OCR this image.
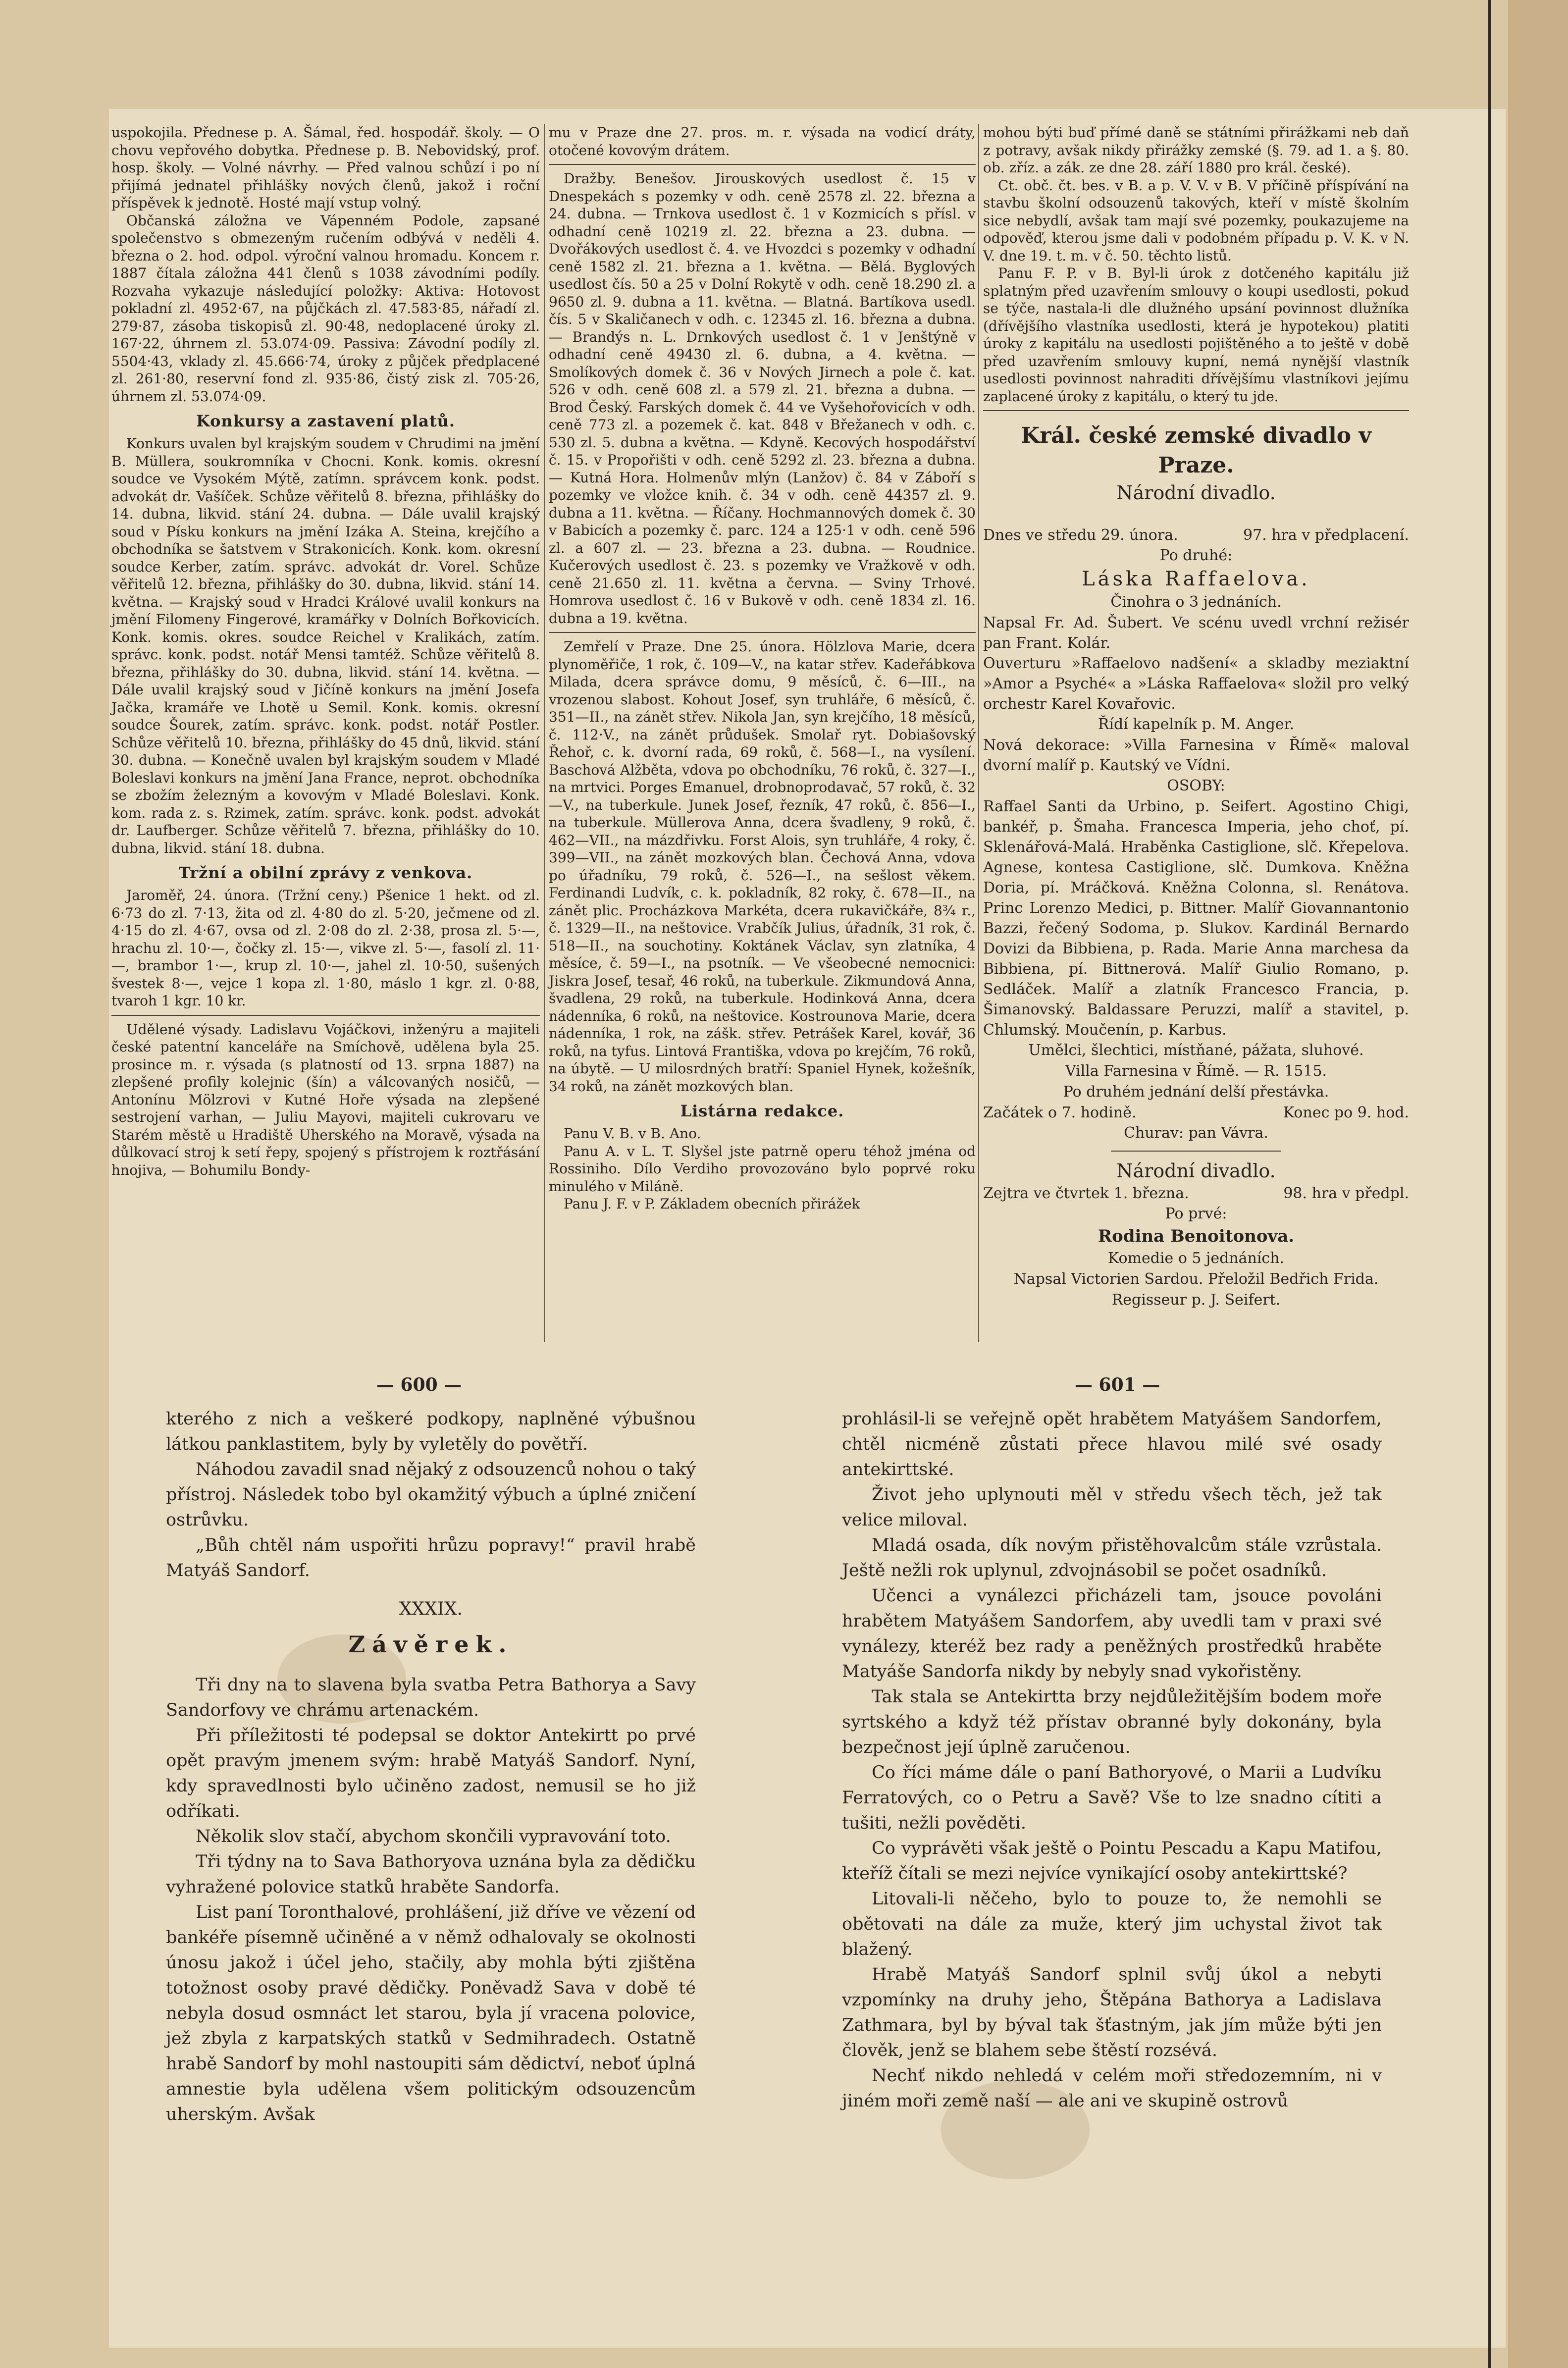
uspokojila. Přednese p. A. Šámal, řed. hospodář. školy. — O chovu vepřového dobytka. Přednese p. B. Nebovidský, prof. hosp. školy. — Volné návrhy. — Před valnou schůzí i po ní přijímá jednatel přihlášky nových členů, jakož i roční příspěvek k jednotě. Hosté mají vstup volný.

Občanská záložna ve Vápenném Podole, zapsané společenstvo s obmezeným ručením odbývá v neděli 4. března o 2. hod. odpol. výroční valnou hromadu. Koncem r. 1887 čítala záložna 441 členů s 1038 závodními podíly. Rozvaha vykazuje následující položky: Aktiva: Hotovost pokladní zl. 4952·67, na půjčkách zl. 47.583·85, nářadí zl. 279·87, zásoba tiskopisů zl. 90·48, nedoplacené úroky zl. 167·22, úhrnem zl. 53.074·09. Passiva: Závodní podíly zl. 5504·43, vklady zl. 45.666·74, úroky z půjček předplacené zl. 261·80, reservní fond zl. 935·86, čistý zisk zl. 705·26, úhrnem zl. 53.074·09.

Konkursy a zastavení platů.

Konkurs uvalen byl krajským soudem v Chrudimi na jmění B. Müllera, soukromníka v Chocni. Konk. komis. okresní soudce ve Vysokém Mýtě, zatímn. správcem konk. podst. advokát dr. Vašíček. Schůze věřitelů 8. března, přihlášky do 14. dubna, likvid. stání 24. dubna. — Dále uvalil krajský soud v Písku konkurs na jmění Izáka A. Steina, krejčího a obchodníka se šatstvem v Strakonicích. Konk. kom. okresní soudce Kerber, zatím. správc. advokát dr. Vorel. Schůze věřitelů 12. března, přihlášky do 30. dubna, likvid. stání 14. května. — Krajský soud v Hradci Králové uvalil konkurs na jmění Filomeny Fingerové, kramářky v Dolních Bořkovicích. Konk. komis. okres. soudce Reichel v Kralikách, zatím. správc. konk. podst. notář Mensi tamtéž. Schůze věřitelů 8. března, přihlášky do 30. dubna, likvid. stání 14. května. — Dále uvalil krajský soud v Jičíně konkurs na jmění Josefa Jačka, kramáře ve Lhotě u Semil. Konk. komis. okresní soudce Šourek, zatím. správc. konk. podst. notář Postler. Schůze věřitelů 10. března, přihlášky do 45 dnů, likvid. stání 30. dubna. — Konečně uvalen byl krajským soudem v Mladé Boleslavi konkurs na jmění Jana France, neprot. obchodníka se zbožím železným a kovovým v Mladé Boleslavi. Konk. kom. rada z. s. Rzimek, zatím. správc. konk. podst. advokát dr. Laufberger. Schůze věřitelů 7. března, přihlášky do 10. dubna, likvid. stání 18. dubna.

Tržní a obilní zprávy z venkova.

Jaroměř, 24. února. (Tržní ceny.) Pšenice 1 hekt. od zl. 6·73 do zl. 7·13, žita od zl. 4·80 do zl. 5·20, ječmene od zl. 4·15 do zl. 4·67, ovsa od zl. 2·08 do zl. 2·38, prosa zl. 5·—, hrachu zl. 10·—, čočky zl. 15·—, vikve zl. 5·—, fasolí zl. 11·—, brambor 1·—, krup zl. 10·—, jahel zl. 10·50, sušených švestek 8·—, vejce 1 kopa zl. 1·80, máslo 1 kgr. zl. 0·88, tvaroh 1 kgr. 10 kr.

Udělené výsady. Ladislavu Vojáčkovi, inženýru a majiteli české patentní kanceláře na Smíchově, udělena byla 25. prosince m. r. výsada (s platností od 13. srpna 1887) na zlepšené profily kolejnic (šín) a válcovaných nosičů, — Antonínu Mölzrovi v Kutné Hoře výsada na zlepšené sestrojení varhan, — Juliu Mayovi, majiteli cukrovaru ve Starém městě u Hradiště Uherského na Moravě, výsada na důlkovací stroj k setí řepy, spojený s přístrojem k roztřásání hnojiva, — Bohumilu Bondy-

mu v Praze dne 27. pros. m. r. výsada na vodicí dráty, otočené kovovým drátem.

Dražby. Benešov. Jirouskových usedlost č. 15 v Dnespekách s pozemky v odh. ceně 2578 zl. 22. března a 24. dubna. — Trnkova usedlost č. 1 v Kozmicích s přísl. v odhadní ceně 10219 zl. 22. března a 23. dubna. — Dvořákových usedlost č. 4. ve Hvozdci s pozemky v odhadní ceně 1582 zl. 21. března a 1. května. — Bělá. Byglových usedlost čís. 50 a 25 v Dolní Rokytě v odh. ceně 18.290 zl. a 9650 zl. 9. dubna a 11. května. — Blatná. Bartíkova usedl. čís. 5 v Skaličanech v odh. c. 12345 zl. 16. března a dubna. — Brandýs n. L. Drnkových usedlost č. 1 v Jenštýně v odhadní ceně 49430 zl. 6. dubna, a 4. května. — Smolíkových domek č. 36 v Nových Jirnech a pole č. kat. 526 v odh. ceně 608 zl. a 579 zl. 21. března a dubna. — Brod Český. Farských domek č. 44 ve Vyšehořovicích v odh. ceně 773 zl. a pozemek č. kat. 848 v Břežanech v odh. c. 530 zl. 5. dubna a května. — Kdyně. Kecových hospodářství č. 15. v Propořišti v odh. ceně 5292 zl. 23. března a dubna. — Kutná Hora. Holmenův mlýn (Lanžov) č. 84 v Záboří s pozemky ve vložce knih. č. 34 v odh. ceně 44357 zl. 9. dubna a 11. května. — Říčany. Hochmannových domek č. 30 v Babicích a pozemky č. parc. 124 a 125·1 v odh. ceně 596 zl. a 607 zl. — 23. března a 23. dubna. — Roudnice. Kučerových usedlost č. 23. s pozemky ve Vražkově v odh. ceně 21.650 zl. 11. května a června. — Sviny Trhové. Homrova usedlost č. 16 v Bukově v odh. ceně 1834 zl. 16. dubna a 19. května.

Zemřelí v Praze. Dne 25. února. Hölzlova Marie, dcera plynoměřiče, 1 rok, č. 109—V., na katar střev. Kadeřábkova Milada, dcera správce domu, 9 měsíců, č. 6—III., na vrozenou slabost. Kohout Josef, syn truhláře, 6 měsíců, č. 351—II., na zánět střev. Nikola Jan, syn krejčího, 18 měsíců, č. 112·V., na zánět průdušek. Smolař ryt. Dobiašovský Řehoř, c. k. dvorní rada, 69 roků, č. 568—I., na vysílení. Baschová Alžběta, vdova po obchodníku, 76 roků, č. 327—I., na mrtvici. Porges Emanuel, drobnoprodavač, 57 roků, č. 32—V., na tuberkule. Junek Josef, řezník, 47 roků, č. 856—I., na tuberkule. Müllerova Anna, dcera švadleny, 9 roků, č. 462—VII., na mázdřivku. Forst Alois, syn truhláře, 4 roky, č. 399—VII., na zánět mozkových blan. Čechová Anna, vdova po úřadníku, 79 roků, č. 526—I., na sešlost věkem. Ferdinandi Ludvík, c. k. pokladník, 82 roky, č. 678—II., na zánět plic. Procházkova Markéta, dcera rukavičkáře, 8¾ r., č. 1329—II., na neštovice. Vrabčík Julius, úřadník, 31 rok, č. 518—II., na souchotiny. Koktánek Václav, syn zlatníka, 4 měsíce, č. 59—I., na psotník. — Ve všeobecné nemocnici: Jiskra Josef, tesař, 46 roků, na tuberkule. Zikmundová Anna, švadlena, 29 roků, na tuberkule. Hodinková Anna, dcera nádenníka, 6 roků, na neštovice. Kostrounova Marie, dcera nádenníka, 1 rok, na zášk. střev. Petrášek Karel, kovář, 36 roků, na tyfus. Lintová Františka, vdova po krejčím, 76 roků, na úbytě. — U milosrdných bratří: Spaniel Hynek, kožešník, 34 roků, na zánět mozkových blan.

Listárna redakce.

Panu V. B. v B. Ano.

Panu A. v L. T. Slyšel jste patrně operu téhož jména od Rossiniho. Dílo Verdiho provozováno bylo poprvé roku minulého v Miláně.

Panu J. F. v P. Základem obecních přirážek

mohou býti buď přímé daně se státními přirážkami neb daň z potravy, avšak nikdy přirážky zemské (§. 79. ad 1. a §. 80. ob. zříz. a zák. ze dne 28. září 1880 pro král. české).

Ct. obč. čt. bes. v B. a p. V. V. v B. V příčině příspívání na stavbu školní odsouzenů takových, kteří v místě školním sice nebydlí, avšak tam mají své pozemky, poukazujeme na odpověď, kterou jsme dali v podobném případu p. V. K. v N. V. dne 19. t. m. v č. 50. těchto listů.

Panu F. P. v B. Byl-li úrok z dotčeného kapitálu již splatným před uzavřením smlouvy o koupi usedlosti, pokud se týče, nastala-li dle dlužného upsání povinnost dlužníka (dřívějšího vlastníka usedlosti, která je hypotekou) platiti úroky z kapitálu na usedlosti pojištěného a to ještě v době před uzavřením smlouvy kupní, nemá nynější vlastník usedlosti povinnost nahraditi dřívějšímu vlastníkovi jejímu zaplacené úroky z kapitálu, o který tu jde.

Král. české zemské divadlo v Praze.
Národní divadlo.
Dnes ve středu 29. února.	97. hra v předplacení.
Po druhé:
Láska Raffaelova.
Činohra o 3 jednáních.
Napsal Fr. Ad. Šubert. Ve scénu uvedl vrchní režisér pan Frant. Kolár.
Ouverturu »Raffaelovo nadšení« a skladby meziaktní »Amor a Psyché« a »Láska Raffaelova« složil pro velký orchestr Karel Kovařovic.
Řídí kapelník p. M. Anger.
Nová dekorace: »Villa Farnesina v Římě« maloval dvorní malíř p. Kautský ve Vídni.
OSOBY:
Raffael Santi da Urbino, p. Seifert. Agostino Chigi, bankéř, p. Šmaha. Francesca Imperia, jeho choť, pí. Sklenářová-Malá. Hraběnka Castiglione, slč. Křepelova. Agnese, kontesa Castiglione, slč. Dumkova. Kněžna Doria, pí. Mráčková. Kněžna Colonna, sl. Renátova. Princ Lorenzo Medici, p. Bittner. Malíř Giovannantonio Bazzi, řečený Sodoma, p. Slukov. Kardinál Bernardo Dovizi da Bibbiena, p. Rada. Marie Anna marchesa da Bibbiena, pí. Bittnerová. Malíř Giulio Romano, p. Sedláček. Malíř a zlatník Francesco Francia, p. Šimanovský. Baldassare Peruzzi, malíř a stavitel, p. Chlumský. Moučenín, p. Karbus.
Umělci, šlechtici, místňané, pážata, sluhové.
Villa Farnesina v Římě. — R. 1515.
Po druhém jednání delší přestávka.
Začátek o 7. hodině.	Konec po 9. hod.
Churav: pan Vávra.
Národní divadlo.
Zejtra ve čtvrtek 1. března.	98. hra v předpl.
Po prvé:
Rodina Benoitonova.
Komedie o 5 jednáních.
Napsal Victorien Sardou. Přeložil Bedřich Frida.
Regisseur p. J. Seifert.
— 600 —	— 601 —

kterého z nich a veškeré podkopy, naplněné výbušnou látkou panklastitem, byly by vyletěly do povětří.

Náhodou zavadil snad nějaký z odsouzenců nohou o taký přístroj. Následek tobo byl okamžitý výbuch a úplné zničení ostrůvku.

„Bůh chtěl nám uspořiti hrůzu popravy!“ pravil hrabě Matyáš Sandorf.

XXXIX.
Závěrek.

Tři dny na to slavena byla svatba Petra Bathorya a Savy Sandorfovy ve chrámu artenackém.

Při příležitosti té podepsal se doktor Antekirtt po prvé opět pravým jmenem svým: hrabě Matyáš Sandorf. Nyní, kdy spravedlnosti bylo učiněno zadost, nemusil se ho již odříkati.

Několik slov stačí, abychom skončili vypravování toto.

Tři týdny na to Sava Bathoryova uznána byla za dědičku vyhražené polovice statků hraběte Sandorfa.

List paní Toronthalové, prohlášení, již dříve ve vězení od bankéře písemně učiněné a v němž odhalovaly se okolnosti únosu jakož i účel jeho, stačily, aby mohla býti zjištěna totožnost osoby pravé dědičky. Poněvadž Sava v době té nebyla dosud osmnáct let starou, byla jí vracena polovice, jež zbyla z karpatských statků v Sedmihradech. Ostatně hrabě Sandorf by mohl nastoupiti sám dědictví, neboť úplná amnestie byla udělena všem politickým odsouzencům uherským. Avšak

prohlásil-li se veřejně opět hrabětem Matyášem Sandorfem, chtěl nicméně zůstati přece hlavou milé své osady antekirttské.

Život jeho uplynouti měl v středu všech těch, jež tak velice miloval.

Mladá osada, dík novým přistěhovalcům stále vzrůstala. Ještě nežli rok uplynul, zdvojnásobil se počet osadníků.

Učenci a vynálezci přicházeli tam, jsouce povoláni hrabětem Matyášem Sandorfem, aby uvedli tam v praxi své vynálezy, kteréž bez rady a peněžných prostředků hraběte Matyáše Sandorfa nikdy by nebyly snad vykořistěny.

Tak stala se Antekirtta brzy nejdůležitějším bodem moře syrtského a když též přístav obranné byly dokonány, byla bezpečnost její úplně zaručenou.

Co říci máme dále o paní Bathoryové, o Marii a Ludvíku Ferratových, co o Petru a Savě? Vše to lze snadno cítiti a tušiti, nežli pověděti.

Co vyprávěti však ještě o Pointu Pescadu a Kapu Matifou, kteříž čítali se mezi nejvíce vynikající osoby antekirttské?

Litovali-li něčeho, bylo to pouze to, že nemohli se obětovati na dále za muže, který jim uchystal život tak blažený.

Hrabě Matyáš Sandorf splnil svůj úkol a nebyti vzpomínky na druhy jeho, Štěpána Bathorya a Ladislava Zathmara, byl by býval tak šťastným, jak jím může býti jen člověk, jenž se blahem sebe štěstí rozsévá.

Nechť nikdo nehledá v celém moři středozemním, ni v jiném moři země naší — ale ani ve skupině ostrovů
